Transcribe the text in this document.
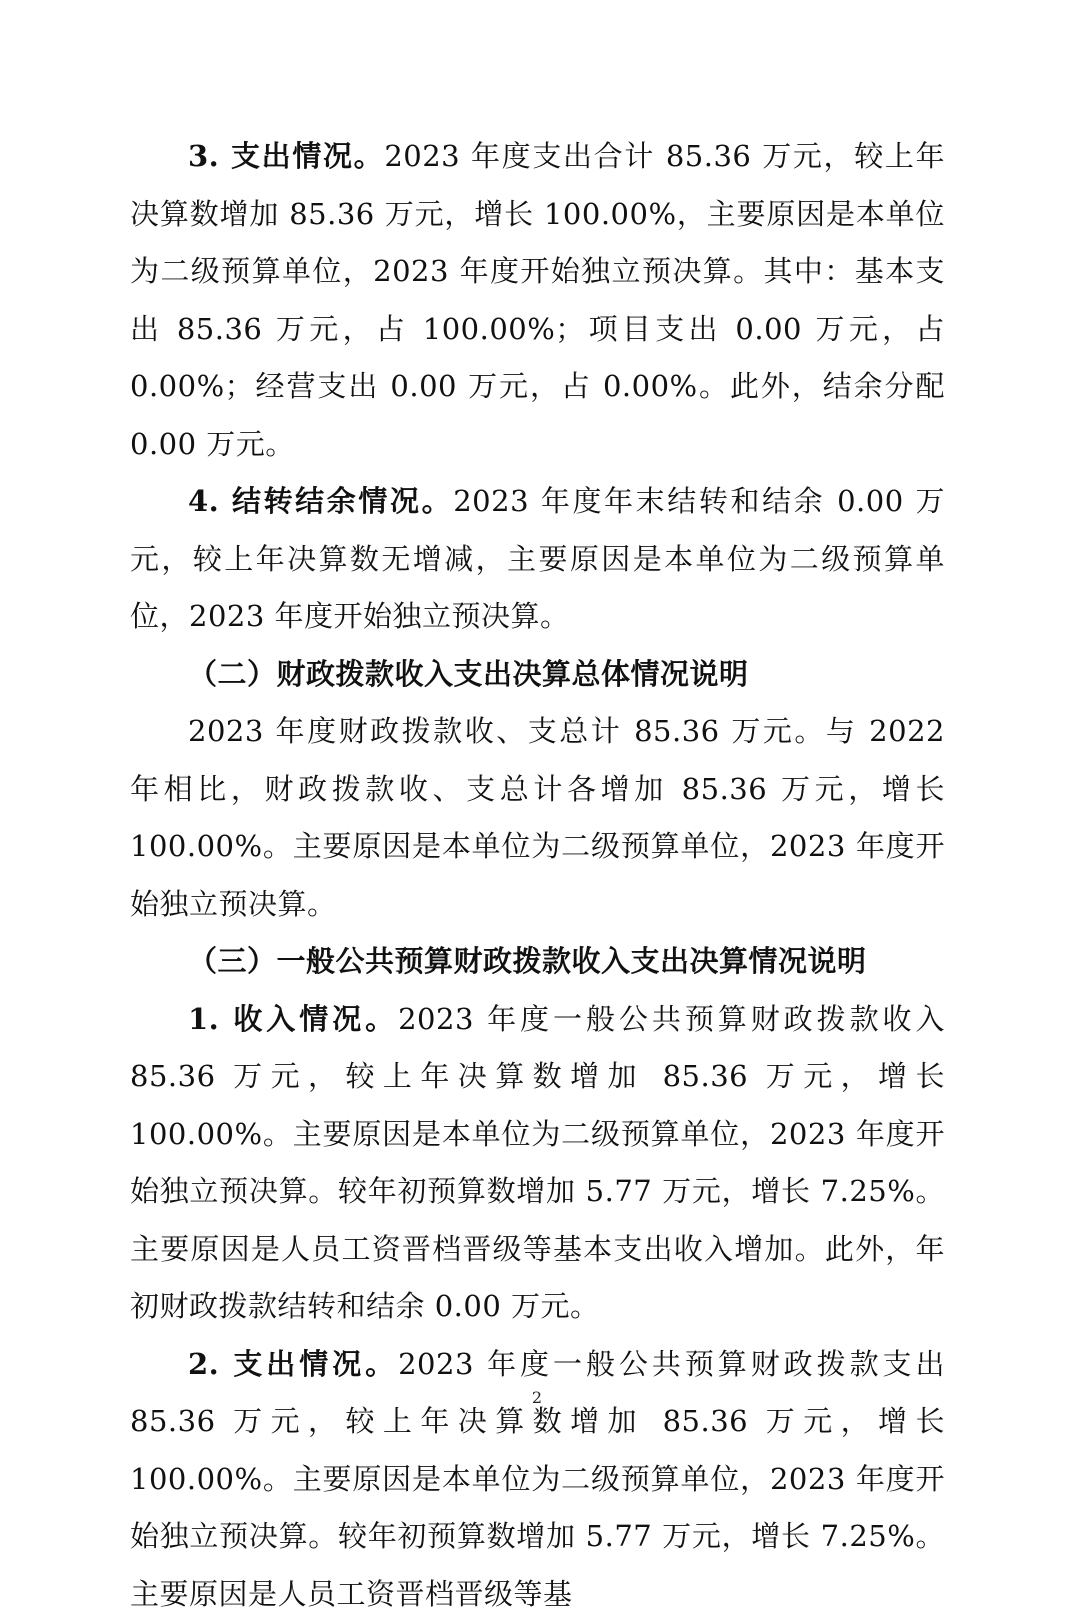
3. 支出情况。2023 年度支出合计 85.36 万元，较上年决算数增加 85.36 万元，增长 100.00%，主要原因是本单位为二级预算单位，2023 年度开始独立预决算。其中：基本支出 85.36 万元，占 100.00%；项目支出 0.00 万元，占 0.00%；经营支出 0.00 万元，占 0.00%。此外，结余分配 0.00 万元。

4. 结转结余情况。2023 年度年末结转和结余 0.00 万元，较上年决算数无增减，主要原因是本单位为二级预算单位，2023 年度开始独立预决算。

（二）财政拨款收入支出决算总体情况说明

2023 年度财政拨款收、支总计 85.36 万元。与 2022 年相比，财政拨款收、支总计各增加 85.36 万元，增长 100.00%。主要原因是本单位为二级预算单位，2023 年度开始独立预决算。

（三）一般公共预算财政拨款收入支出决算情况说明

1. 收入情况。2023 年度一般公共预算财政拨款收入 85.36 万元，较上年决算数增加 85.36 万元，增长 100.00%。主要原因是本单位为二级预算单位，2023 年度开始独立预决算。较年初预算数增加 5.77 万元，增长 7.25%。主要原因是人员工资晋档晋级等基本支出收入增加。此外，年初财政拨款结转和结余 0.00 万元。

2. 支出情况。2023 年度一般公共预算财政拨款支出 85.36 万元，较上年决算数增加 85.36 万元，增长 100.00%。主要原因是本单位为二级预算单位，2023 年度开始独立预决算。较年初预算数增加 5.77 万元，增长 7.25%。主要原因是人员工资晋档晋级等基

2
